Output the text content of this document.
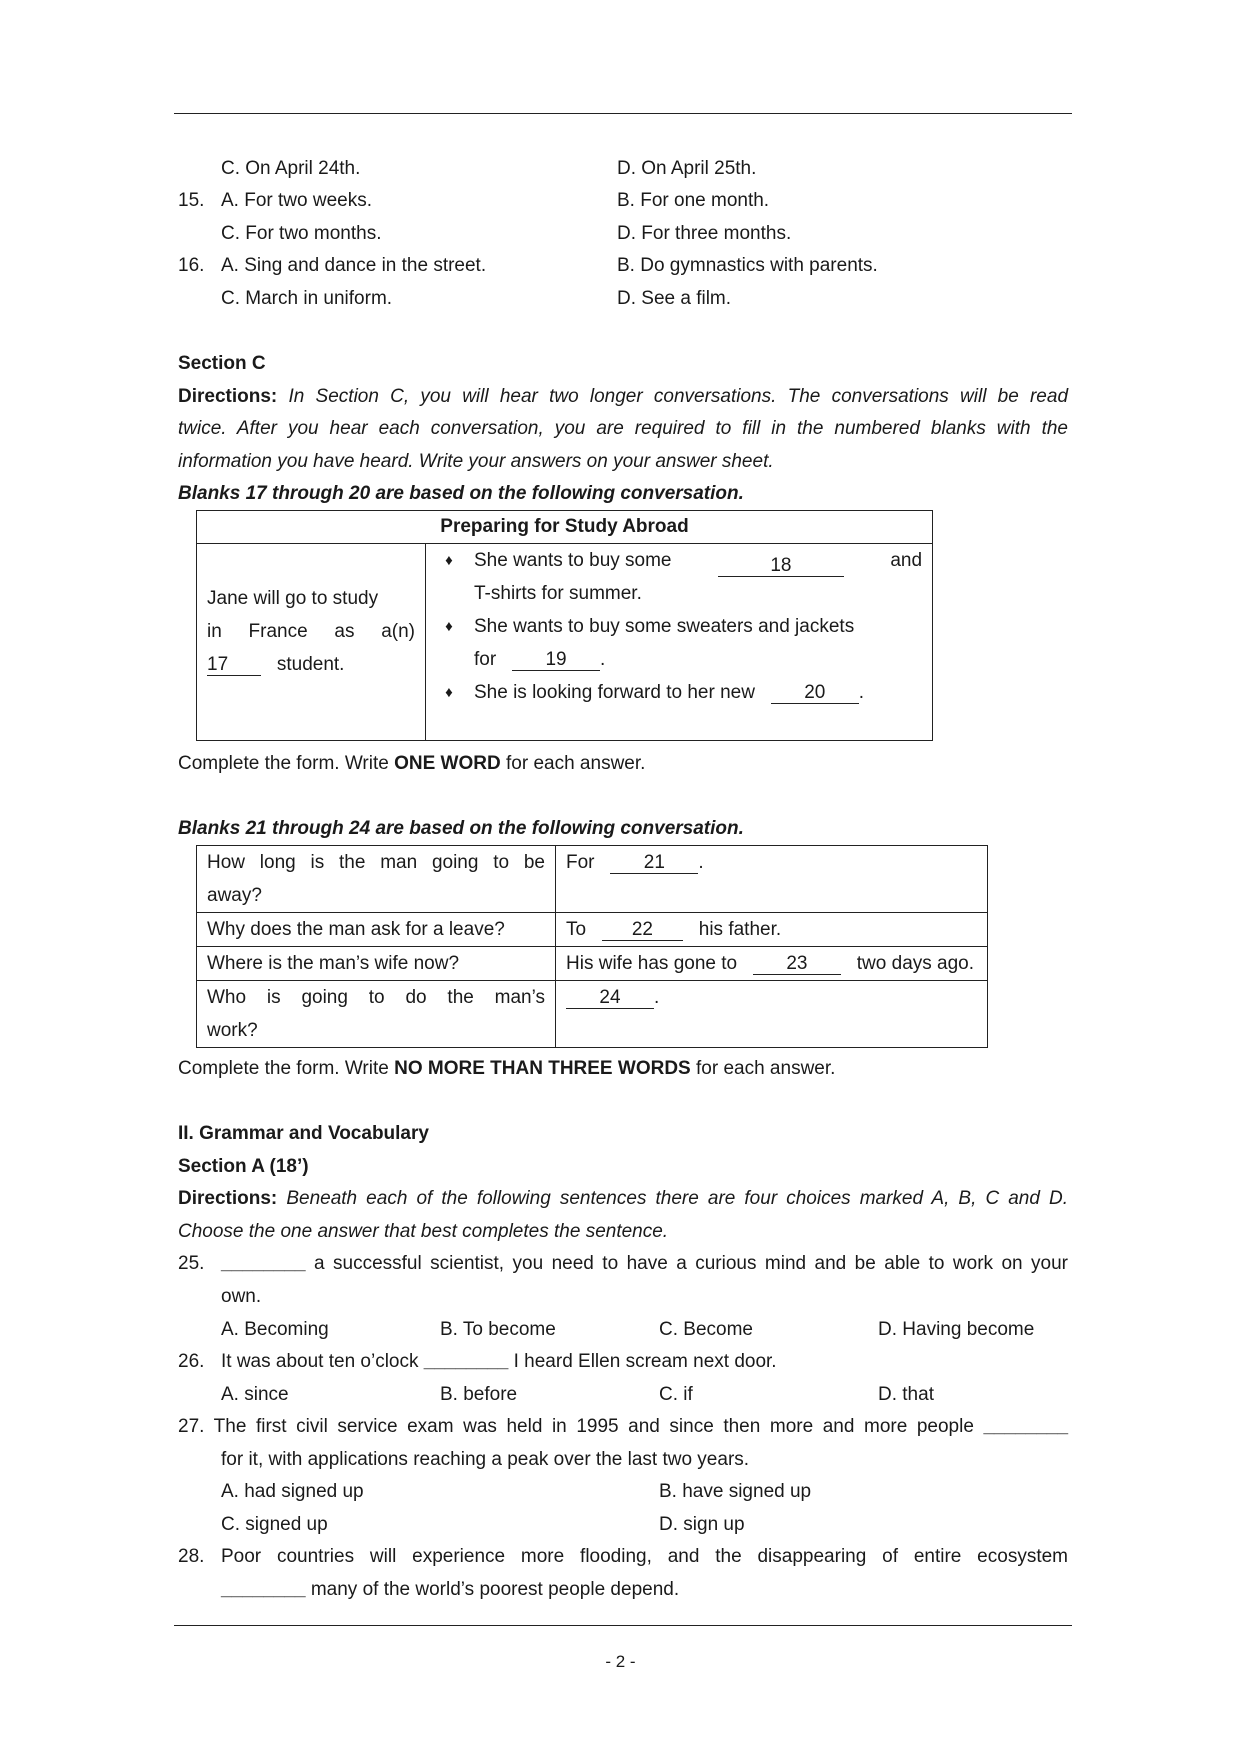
C. On April 24th.	D. On April 25th.
15. A. For two weeks.	B. For one month.
C. For two months.	D. For three months.
16. A. Sing and dance in the street.	B. Do gymnastics with parents.
C. March in uniform.	D. See a film.
Section C
Directions: In Section C, you will hear two longer conversations. The conversations will be read
twice. After you hear each conversation, you are required to fill in the numbered blanks with the
information you have heard. Write your answers on your answer sheet.
Blanks 17 through 20 are based on the following conversation.
Preparing for Study Abroad

Jane will go to study
in France as a(n)
17	student.

♦	She wants to buy some	18	and
T-shirts for summer.
♦	She wants to buy some sweaters and jackets
for	19 .
♦	She is looking forward to her new	20 .
Complete the form. Write ONE WORD for each answer.
Blanks 21 through 24 are based on the following conversation.
How long is the man going to be
away?	For 21 .

Why does the man ask for a leave?	To 22 his father.

Where is the man’s wife now?	His wife has gone to 23 two days ago.

Who is going to do the man’s
work?	24 .
Complete the form. Write NO MORE THAN THREE WORDS for each answer.
II. Grammar and Vocabulary
Section A (18’)
Directions: Beneath each of the following sentences there are four choices marked A, B, C and D.
Choose the one answer that best completes the sentence.
25. ________ a successful scientist, you need to have a curious mind and be able to work on your
own.
A. Becoming	B. To become	C. Become	D. Having become
26. It was about ten o’clock ________ I heard Ellen scream next door.
A. since	B. before	C. if	D. that
27. The first civil service exam was held in 1995 and since then more and more people ________
for it, with applications reaching a peak over the last two years.
A. had signed up	B. have signed up
C. signed up	D. sign up
28. Poor countries will experience more flooding, and the disappearing of entire ecosystem
________ many of the world’s poorest people depend.
- 2 -
